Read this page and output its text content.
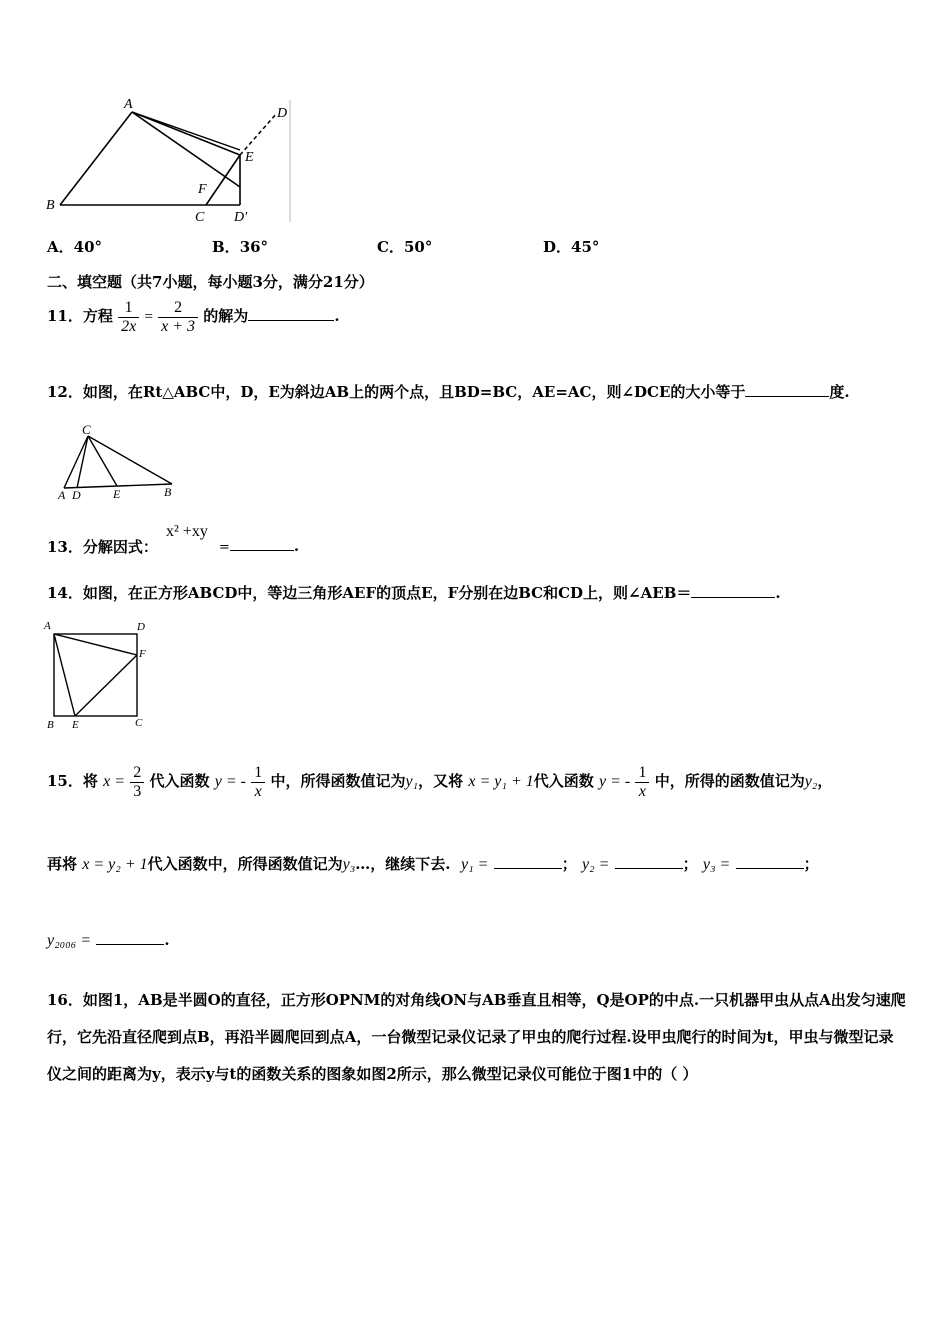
A
D
E
F
B
C D′
A．40°	B．36°	C．50°	D．45°
二、填空题（共7小题，每小题3分，满分21分）
11．方程 $\frac{1}{2x} = \frac{2}{x + 3}$ 的解为	.
12．如图，在Rt△ABC中，D，E为斜边AB上的两个点，且BD=BC，AE=AC，则∠DCE的大小等于	度.
C
A D	E	B
13．分解因式：
x² +xy
=	.
14．如图，在正方形ABCD中，等边三角形AEF的顶点E，F分别在边BC和CD上，则∠AEB＝	.
A	D
F
B E	C
15．将 $x = \frac{2}{3}$ 代入函数 y = - $\frac{1}{x}$ 中，所得函数值记为y₁，又将 x = y₁ + 1代入函数 y = - $\frac{1}{x}$ 中，所得的函数值记为y₂，
再将 x = y₂ + 1代入函数中，所得函数值记为y₃…，继续下去. y₁ =	； y₂ =	； y₃ =	；
y₂₀₀₆ =	.
16．如图1，AB是半圆O的直径，正方形OPNM的对角线ON与AB垂直且相等，Q是OP的中点.一只机器甲虫从点A出发匀速爬行，它先沿直径爬到点B，再沿半圆爬回到点A，一台微型记录仪记录了甲虫的爬行过程.设甲虫爬行的时间为t，甲虫与微型记录仪之间的距离为y，表示y与t的函数关系的图象如图2所示，那么微型记录仪可能位于图1中的（ ）
